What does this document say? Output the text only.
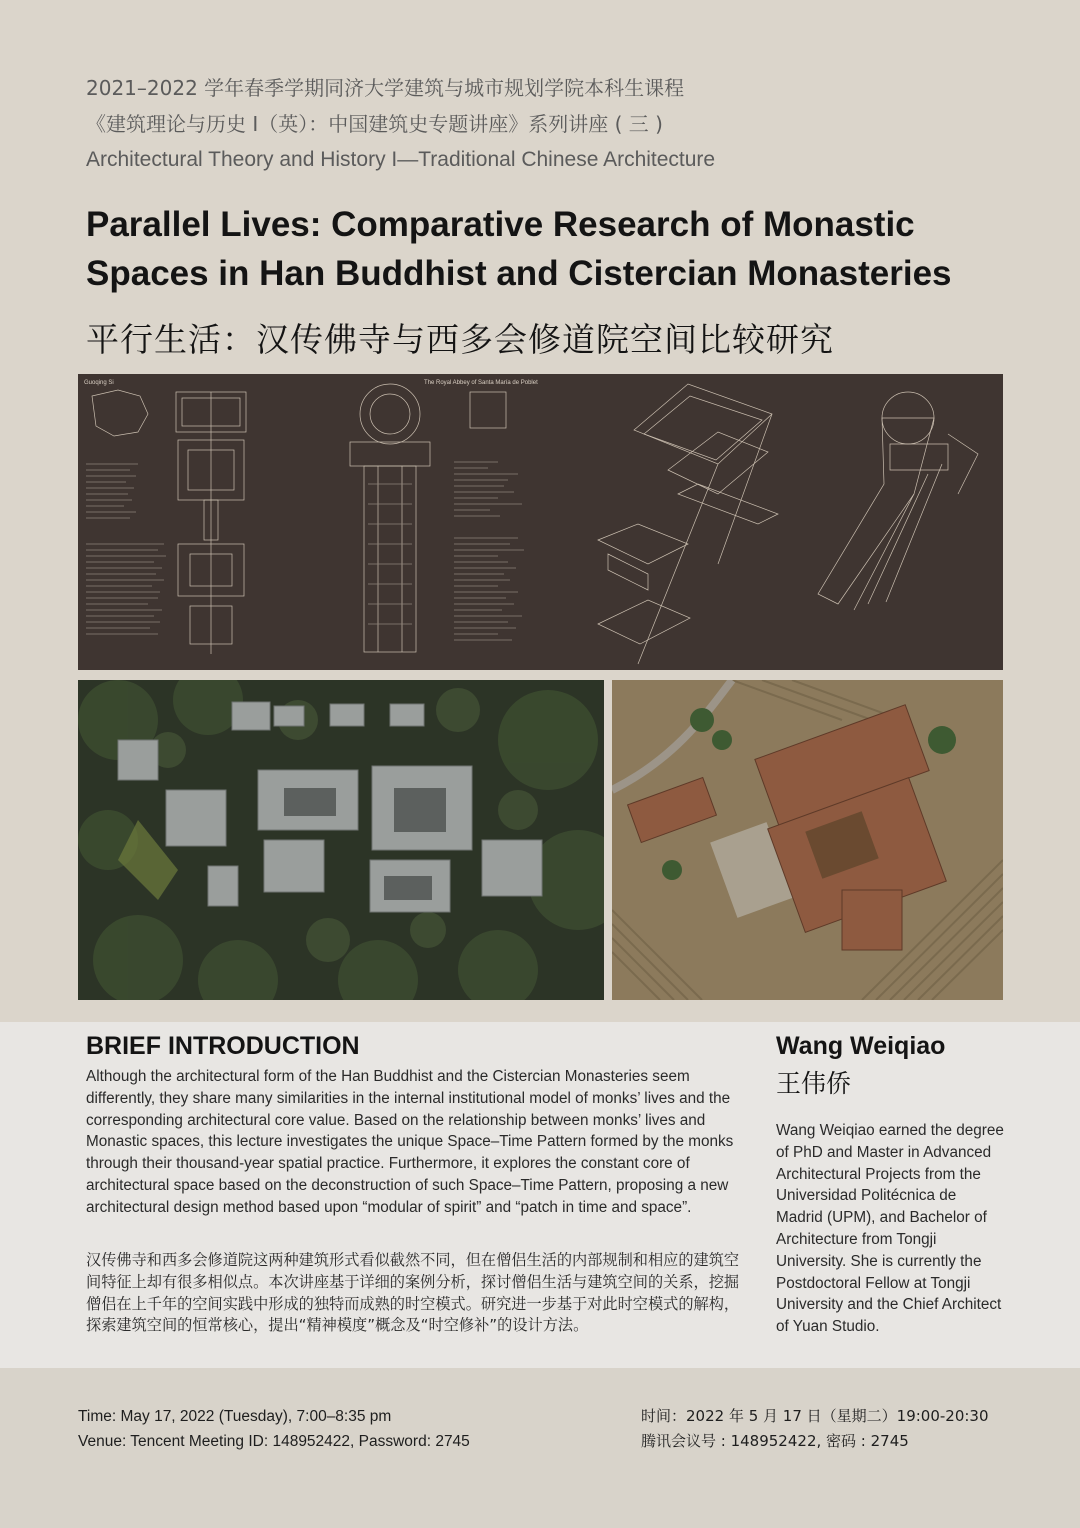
2021–2022 学年春季学期同济大学建筑与城市规划学院本科生课程
《建筑理论与历史 I（英）：中国建筑史专题讲座》系列讲座 ( 三 )
Architectural Theory and History I—Traditional Chinese Architecture
Parallel Lives: Comparative Research of Monastic
Spaces in Han Buddhist and Cistercian Monasteries
平行生活：汉传佛寺与西多会修道院空间比较研究
Guoqing Si	The Royal Abbey of Santa María de Poblet
BRIEF INTRODUCTION
Although the architectural form of the Han Buddhist and the Cistercian Monasteries seem differently, they share many similarities in the internal institutional model of monks’ lives and the corresponding architectural core value. Based on the relationship between monks’ lives and Monastic spaces, this lecture investigates the unique Space–Time Pattern formed by the monks through their thousand-year spatial practice. Furthermore, it explores the constant core of architectural space based on the deconstruction of such Space–Time Pattern, proposing a new architectural design method based upon “modular of spirit” and “patch in time and space”.
汉传佛寺和西多会修道院这两种建筑形式看似截然不同，但在僧侣生活的内部规制和相应的建筑空间特征上却有很多相似点。本次讲座基于详细的案例分析，探讨僧侣生活与建筑空间的关系，挖掘僧侣在上千年的空间实践中形成的独特而成熟的时空模式。研究进一步基于对此时空模式的解构，探索建筑空间的恒常核心，提出“精神模度”概念及“时空修补”的设计方法。
Wang Weiqiao
王伟侨
Wang Weiqiao earned the degree of PhD and Master in Advanced Architectural Projects from the Universidad Politécnica de Madrid (UPM), and Bachelor of Architecture from Tongji University. She is currently the Postdoctoral Fellow at Tongji University and the Chief Architect of Yuan Studio.
Time: May 17, 2022 (Tuesday), 7:00–8:35 pm
Venue: Tencent Meeting ID: 148952422, Password: 2745
时间：2022 年 5 月 17 日（星期二）19:00-20:30
腾讯会议号 : 148952422, 密码 : 2745
